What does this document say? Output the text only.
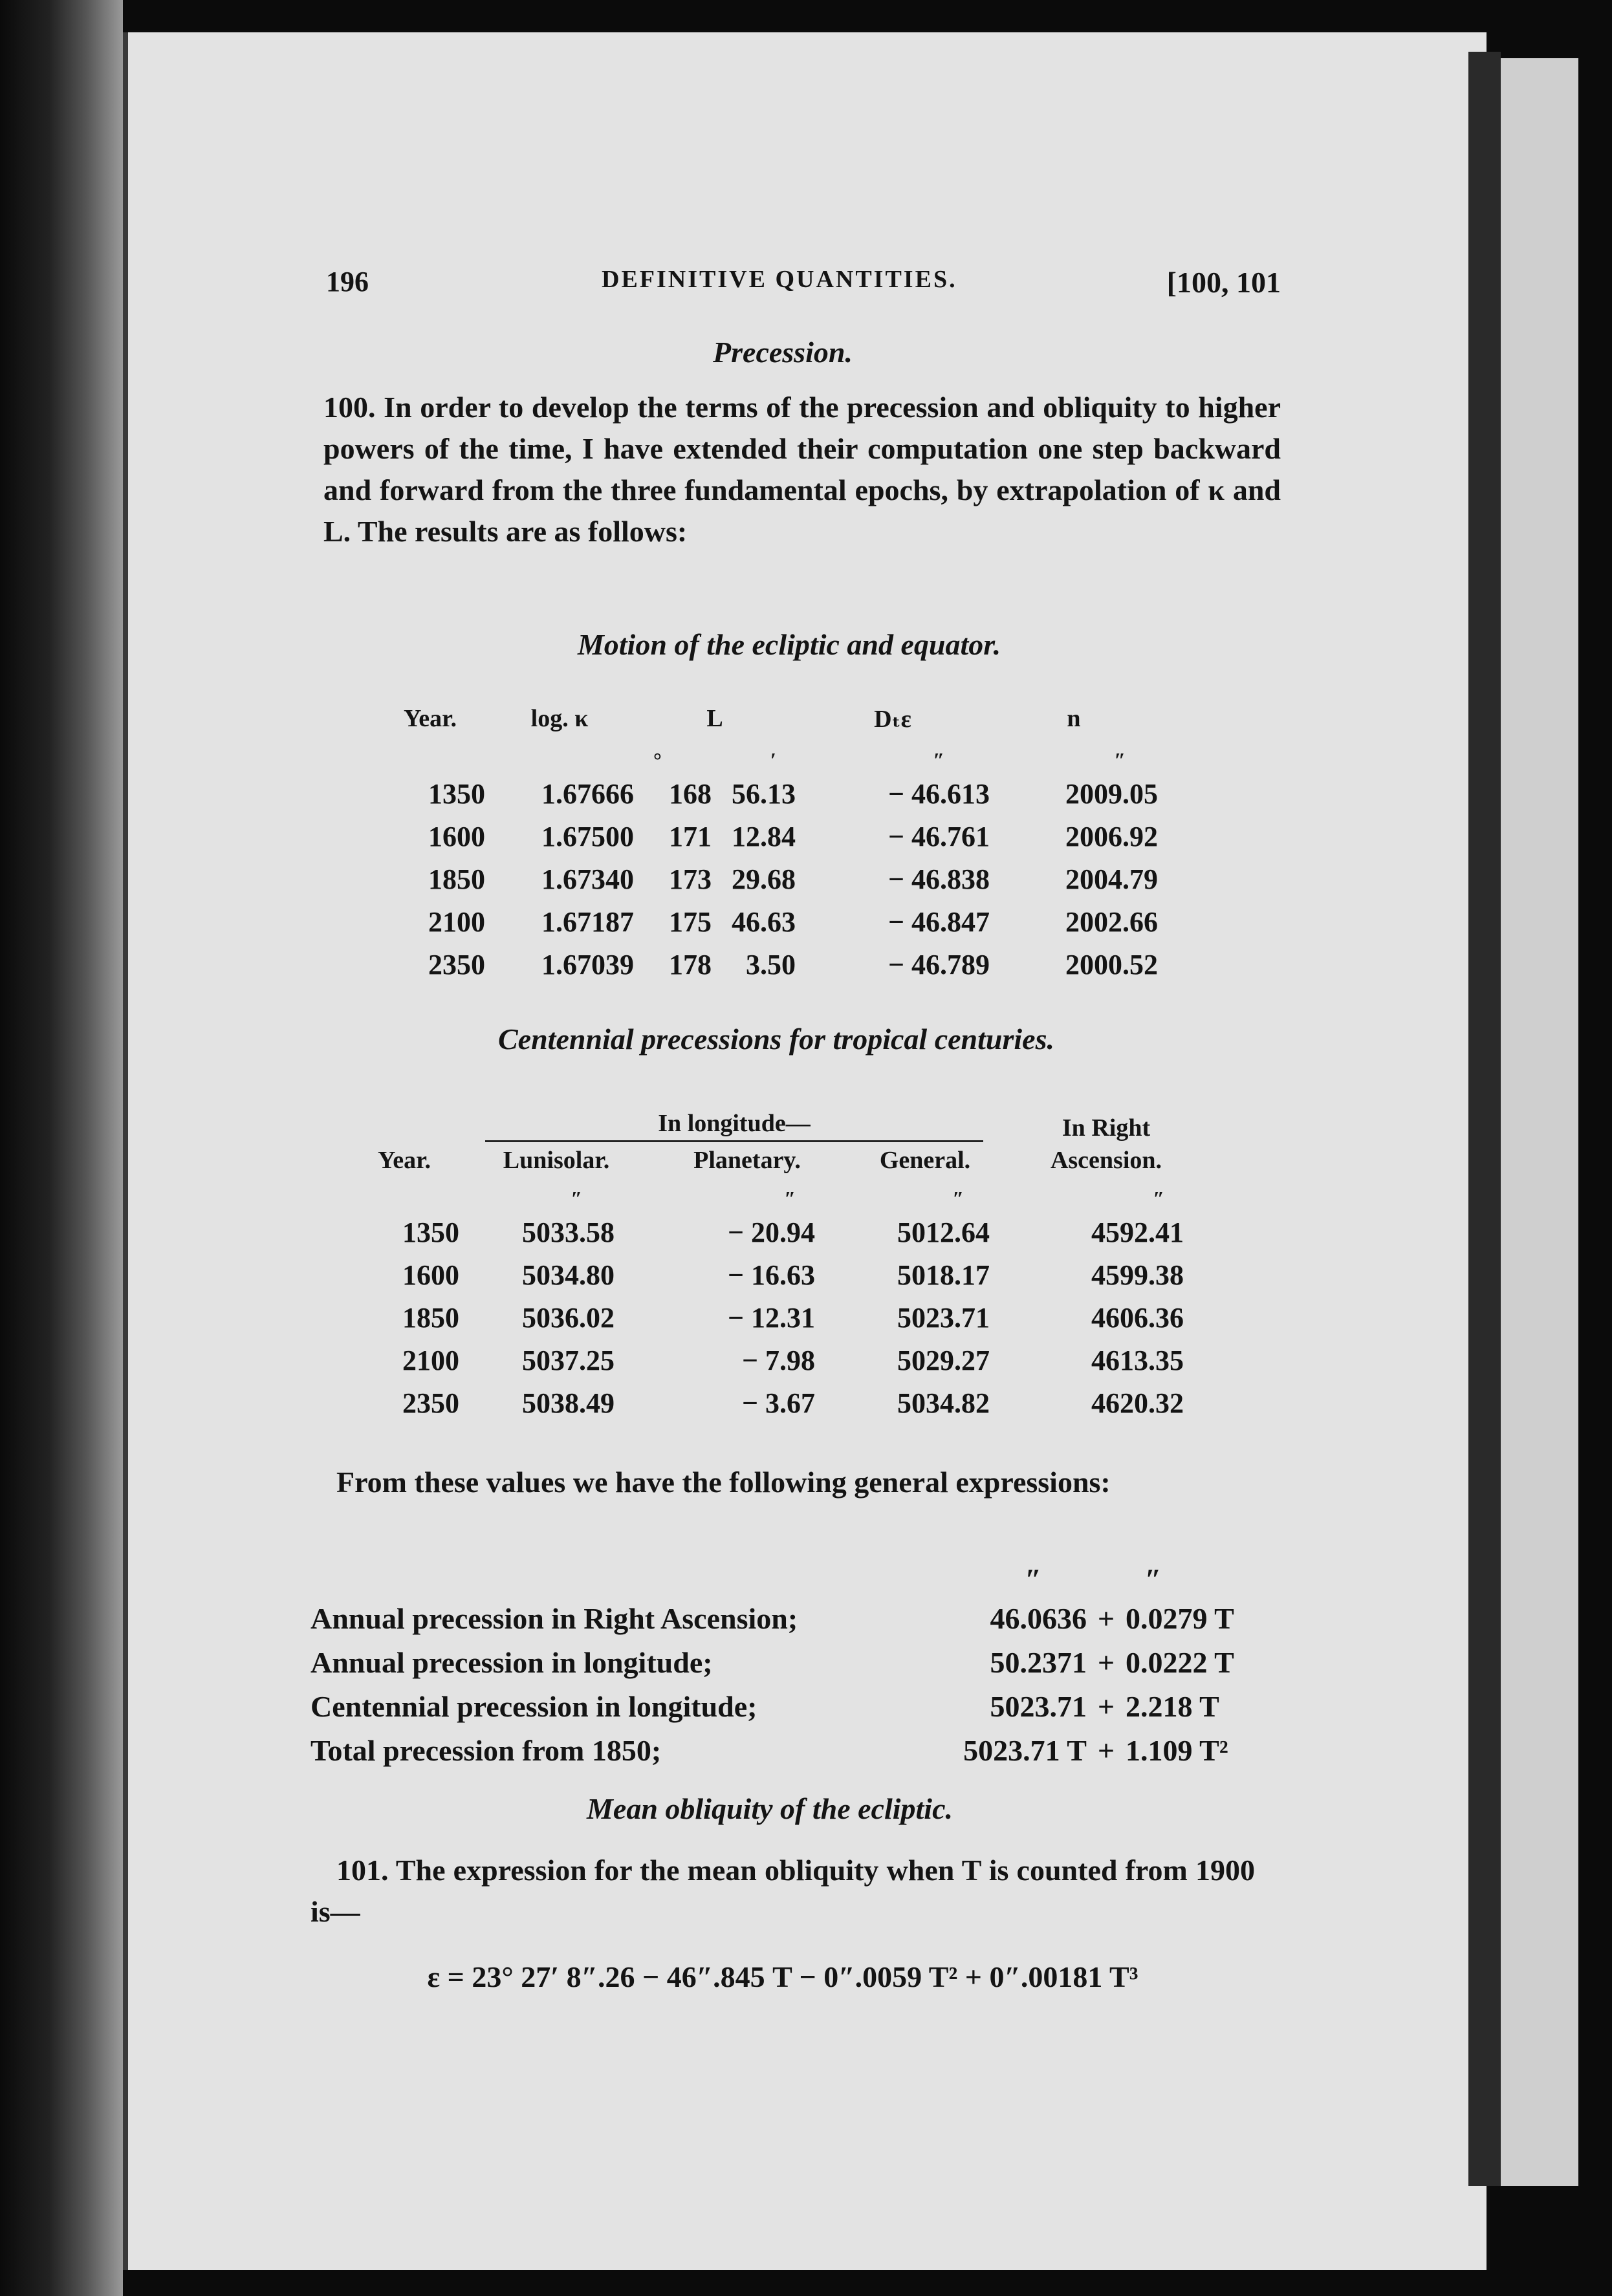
196	DEFINITIVE QUANTITIES.	[100, 101
Precession.
100. In order to develop the terms of the precession and obliquity to higher powers of the time, I have extended their computation one step backward and forward from the three fundamental epochs, by extrapolation of κ and L. The results are as follows:
Motion of the ecliptic and equator.
Year.	log. κ	L		Dₜε	n
		°	′	″	″
1350	1.67666	168	56.13	− 46.613	2009.05
1600	1.67500	171	12.84	− 46.761	2006.92
1850	1.67340	173	29.68	− 46.838	2004.79
2100	1.67187	175	46.63	− 46.847	2002.66
2350	1.67039	178	3.50	− 46.789	2000.52
Centennial precessions for tropical centuries.
	In longitude—			In Right
Year.	Lunisolar.	Planetary.	General.	Ascension.
	″	″	″	″
1350	5033.58	− 20.94	5012.64	4592.41
1600	5034.80	− 16.63	5018.17	4599.38
1850	5036.02	− 12.31	5023.71	4606.36
2100	5037.25	− 7.98	5029.27	4613.35
2350	5038.49	− 3.67	5034.82	4620.32
From these values we have the following general expressions:
	″		″
Annual precession in Right Ascension;	46.0636	+	0.0279 T
Annual precession in longitude;	50.2371	+	0.0222 T
Centennial precession in longitude;	5023.71	+	2.218 T
Total precession from 1850;	5023.71 T	+	1.109 T²
Mean obliquity of the ecliptic.
101. The expression for the mean obliquity when T is counted from 1900 is—
ε = 23° 27′ 8″.26 − 46″.845 T − 0″.0059 T² + 0″.00181 T³
